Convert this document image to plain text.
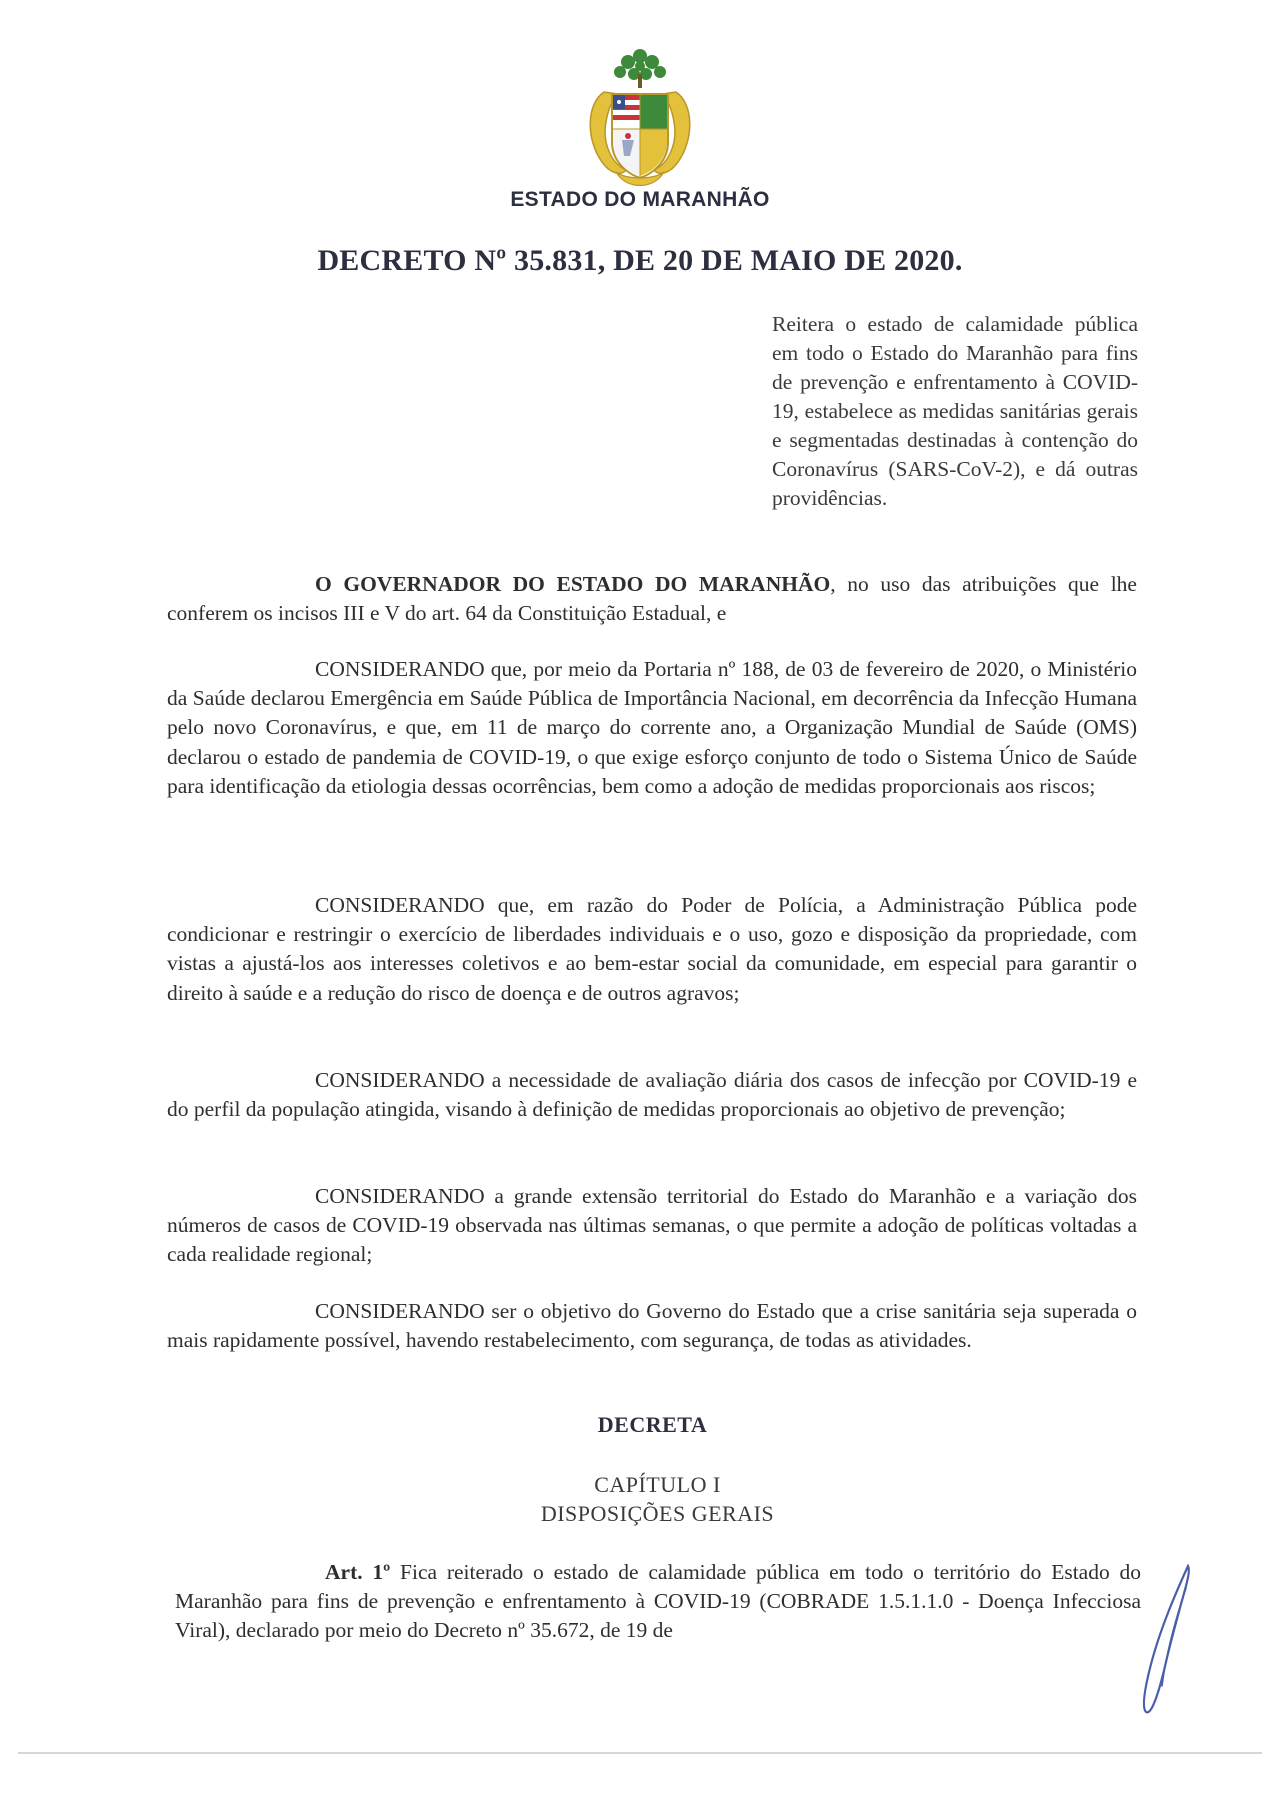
ESTADO DO MARANHÃO
DECRETO Nº 35.831, DE 20 DE MAIO DE 2020.
Reitera o estado de calamidade pública em todo o Estado do Maranhão para fins de prevenção e enfrentamento à COVID-19, estabelece as medidas sanitárias gerais e segmentadas destinadas à contenção do Coronavírus (SARS-CoV-2), e dá outras providências.
O GOVERNADOR DO ESTADO DO MARANHÃO, no uso das atribuições que lhe conferem os incisos III e V do art. 64 da Constituição Estadual, e
CONSIDERANDO que, por meio da Portaria nº 188, de 03 de fevereiro de 2020, o Ministério da Saúde declarou Emergência em Saúde Pública de Importância Nacional, em decorrência da Infecção Humana pelo novo Coronavírus, e que, em 11 de março do corrente ano, a Organização Mundial de Saúde (OMS) declarou o estado de pandemia de COVID-19, o que exige esforço conjunto de todo o Sistema Único de Saúde para identificação da etiologia dessas ocorrências, bem como a adoção de medidas proporcionais aos riscos;
CONSIDERANDO que, em razão do Poder de Polícia, a Administração Pública pode condicionar e restringir o exercício de liberdades individuais e o uso, gozo e disposição da propriedade, com vistas a ajustá-los aos interesses coletivos e ao bem-estar social da comunidade, em especial para garantir o direito à saúde e a redução do risco de doença e de outros agravos;
CONSIDERANDO a necessidade de avaliação diária dos casos de infecção por COVID-19 e do perfil da população atingida, visando à definição de medidas proporcionais ao objetivo de prevenção;
CONSIDERANDO a grande extensão territorial do Estado do Maranhão e a variação dos números de casos de COVID-19 observada nas últimas semanas, o que permite a adoção de políticas voltadas a cada realidade regional;
CONSIDERANDO ser o objetivo do Governo do Estado que a crise sanitária seja superada o mais rapidamente possível, havendo restabelecimento, com segurança, de todas as atividades.
DECRETA
CAPÍTULO I
DISPOSIÇÕES GERAIS
Art. 1º Fica reiterado o estado de calamidade pública em todo o território do Estado do Maranhão para fins de prevenção e enfrentamento à COVID-19 (COBRADE 1.5.1.1.0 - Doença Infecciosa Viral), declarado por meio do Decreto nº 35.672, de 19 de
